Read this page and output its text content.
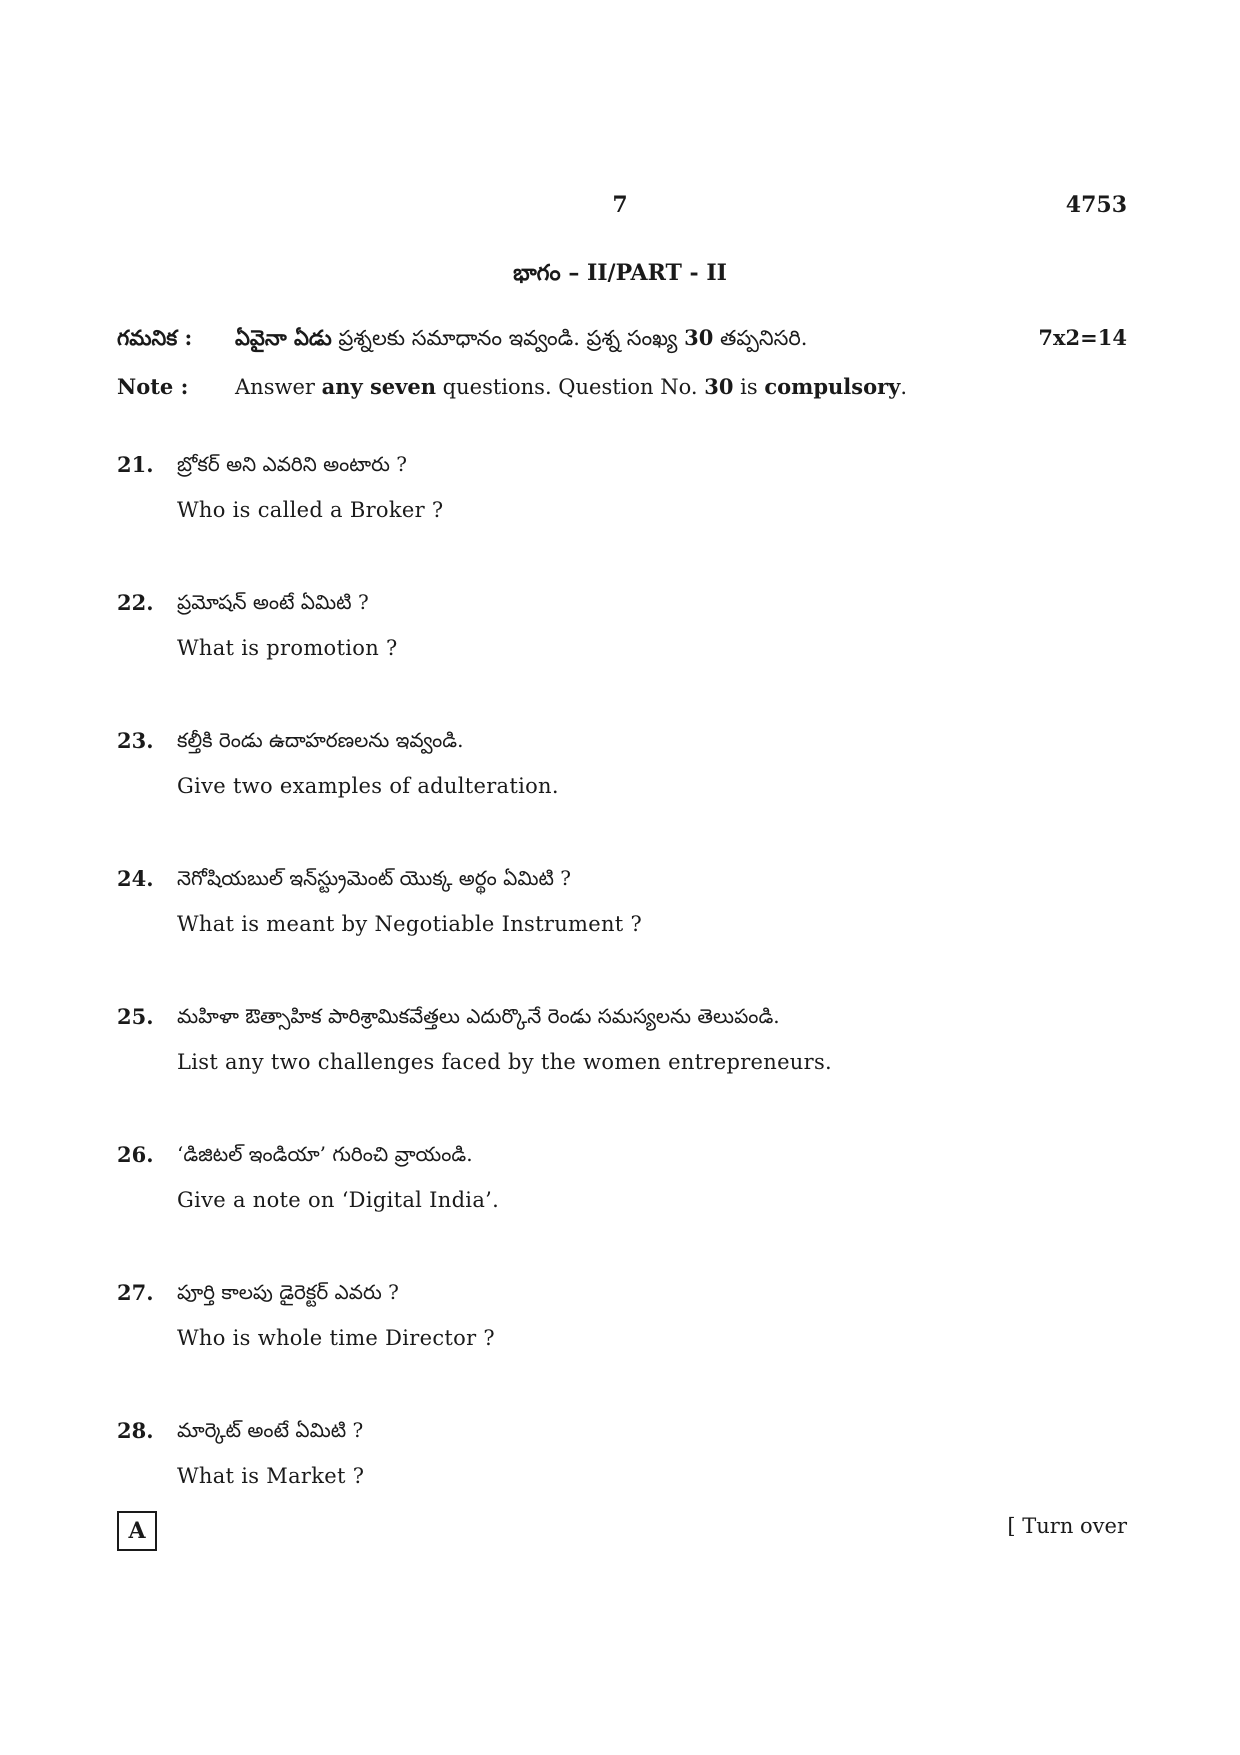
7	4753
భాగం – II/PART - II
గమనిక : ఏవైనా ఏడు ప్రశ్నలకు సమాధానం ఇవ్వండి. ప్రశ్న సంఖ్య 30 తప్పనిసరి.	7x2=14
Note : Answer any seven questions. Question No. 30 is compulsory.
21. బ్రోకర్ అని ఎవరిని అంటారు ?
Who is called a Broker ?
22. ప్రమోషన్ అంటే ఏమిటి ?
What is promotion ?
23. కల్తీకి రెండు ఉదాహరణలను ఇవ్వండి.
Give two examples of adulteration.
24. నెగోషియబుల్ ఇన్‌స్ట్రుమెంట్ యొక్క అర్థం ఏమిటి ?
What is meant by Negotiable Instrument ?
25. మహిళా ఔత్సాహిక పారిశ్రామికవేత్తలు ఎదుర్కొనే రెండు సమస్యలను తెలుపండి.
List any two challenges faced by the women entrepreneurs.
26. ‘డిజిటల్ ఇండియా’ గురించి వ్రాయండి.
Give a note on ‘Digital India’.
27. పూర్తి కాలపు డైరెక్టర్ ఎవరు ?
Who is whole time Director ?
28. మార్కెట్ అంటే ఏమిటి ?
What is Market ?
A	[ Turn over
